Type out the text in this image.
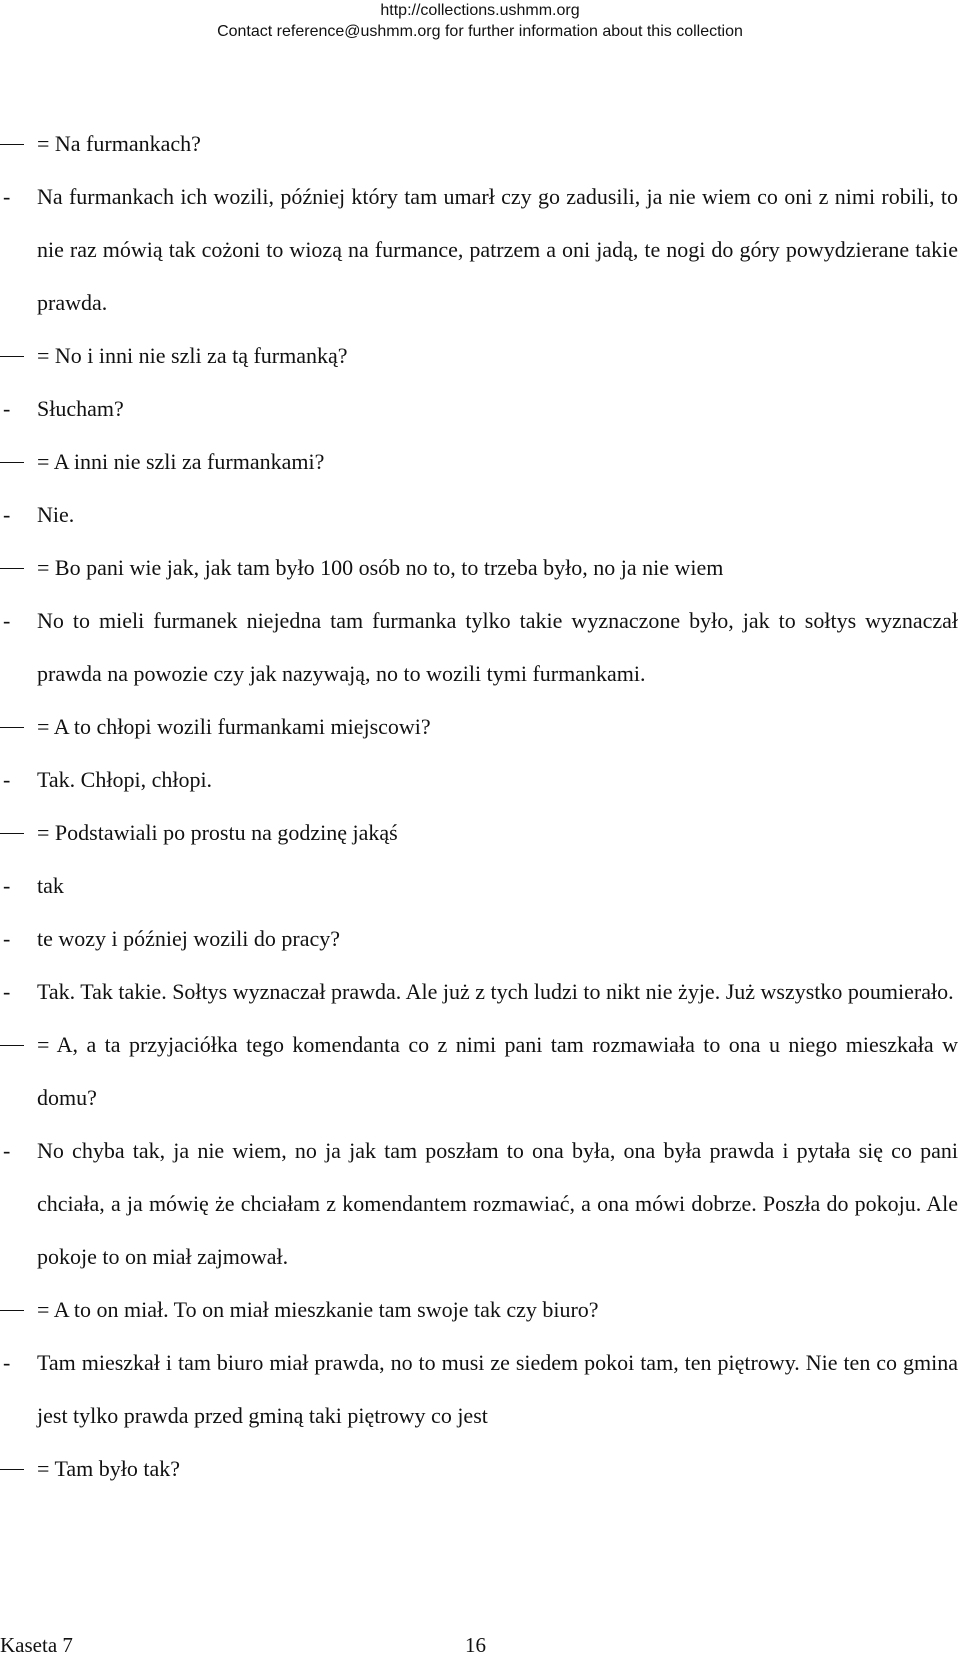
http://collections.ushmm.org
Contact reference@ushmm.org for further information about this collection
= Na furmankach?
- Na furmankach ich wozili, później który tam umarł czy go zadusili, ja nie wiem co oni z nimi robili, to nie raz mówią tak cożoni to wiozą na furmance, patrzem a oni jadą, te nogi do góry powydzierane takie prawda.
= No i inni nie szli za tą furmanką?
- Słucham?
= A inni nie szli za furmankami?
- Nie.
= Bo pani wie jak, jak tam było 100 osób no to, to trzeba było, no ja nie wiem
- No to mieli furmanek niejedna tam furmanka tylko takie wyznaczone było, jak to sołtys wyznaczał prawda na powozie czy jak nazywają, no to wozili tymi furmankami.
= A to chłopi wozili furmankami miejscowi?
- Tak. Chłopi, chłopi.
= Podstawiali po prostu na godzinę jakąś
- tak
- te wozy i później wozili do pracy?
- Tak. Tak takie. Sołtys wyznaczał prawda. Ale już z tych ludzi to nikt nie żyje. Już wszystko poumierało.
= A, a ta przyjaciółka tego komendanta co z nimi pani tam rozmawiała to ona u niego mieszkała w domu?
- No chyba tak, ja nie wiem, no ja jak tam poszłam to ona była, ona była prawda i pytała się co pani chciała, a ja mówię że chciałam z komendantem rozmawiać, a ona mówi dobrze. Poszła do pokoju. Ale pokoje to on miał zajmował.
= A to on miał. To on miał mieszkanie tam swoje tak czy biuro?
- Tam mieszkał i tam biuro miał prawda, no to musi ze siedem pokoi tam, ten piętrowy. Nie ten co gmina jest tylko prawda przed gminą taki piętrowy co jest
= Tam było tak?
Kaseta 7	16
